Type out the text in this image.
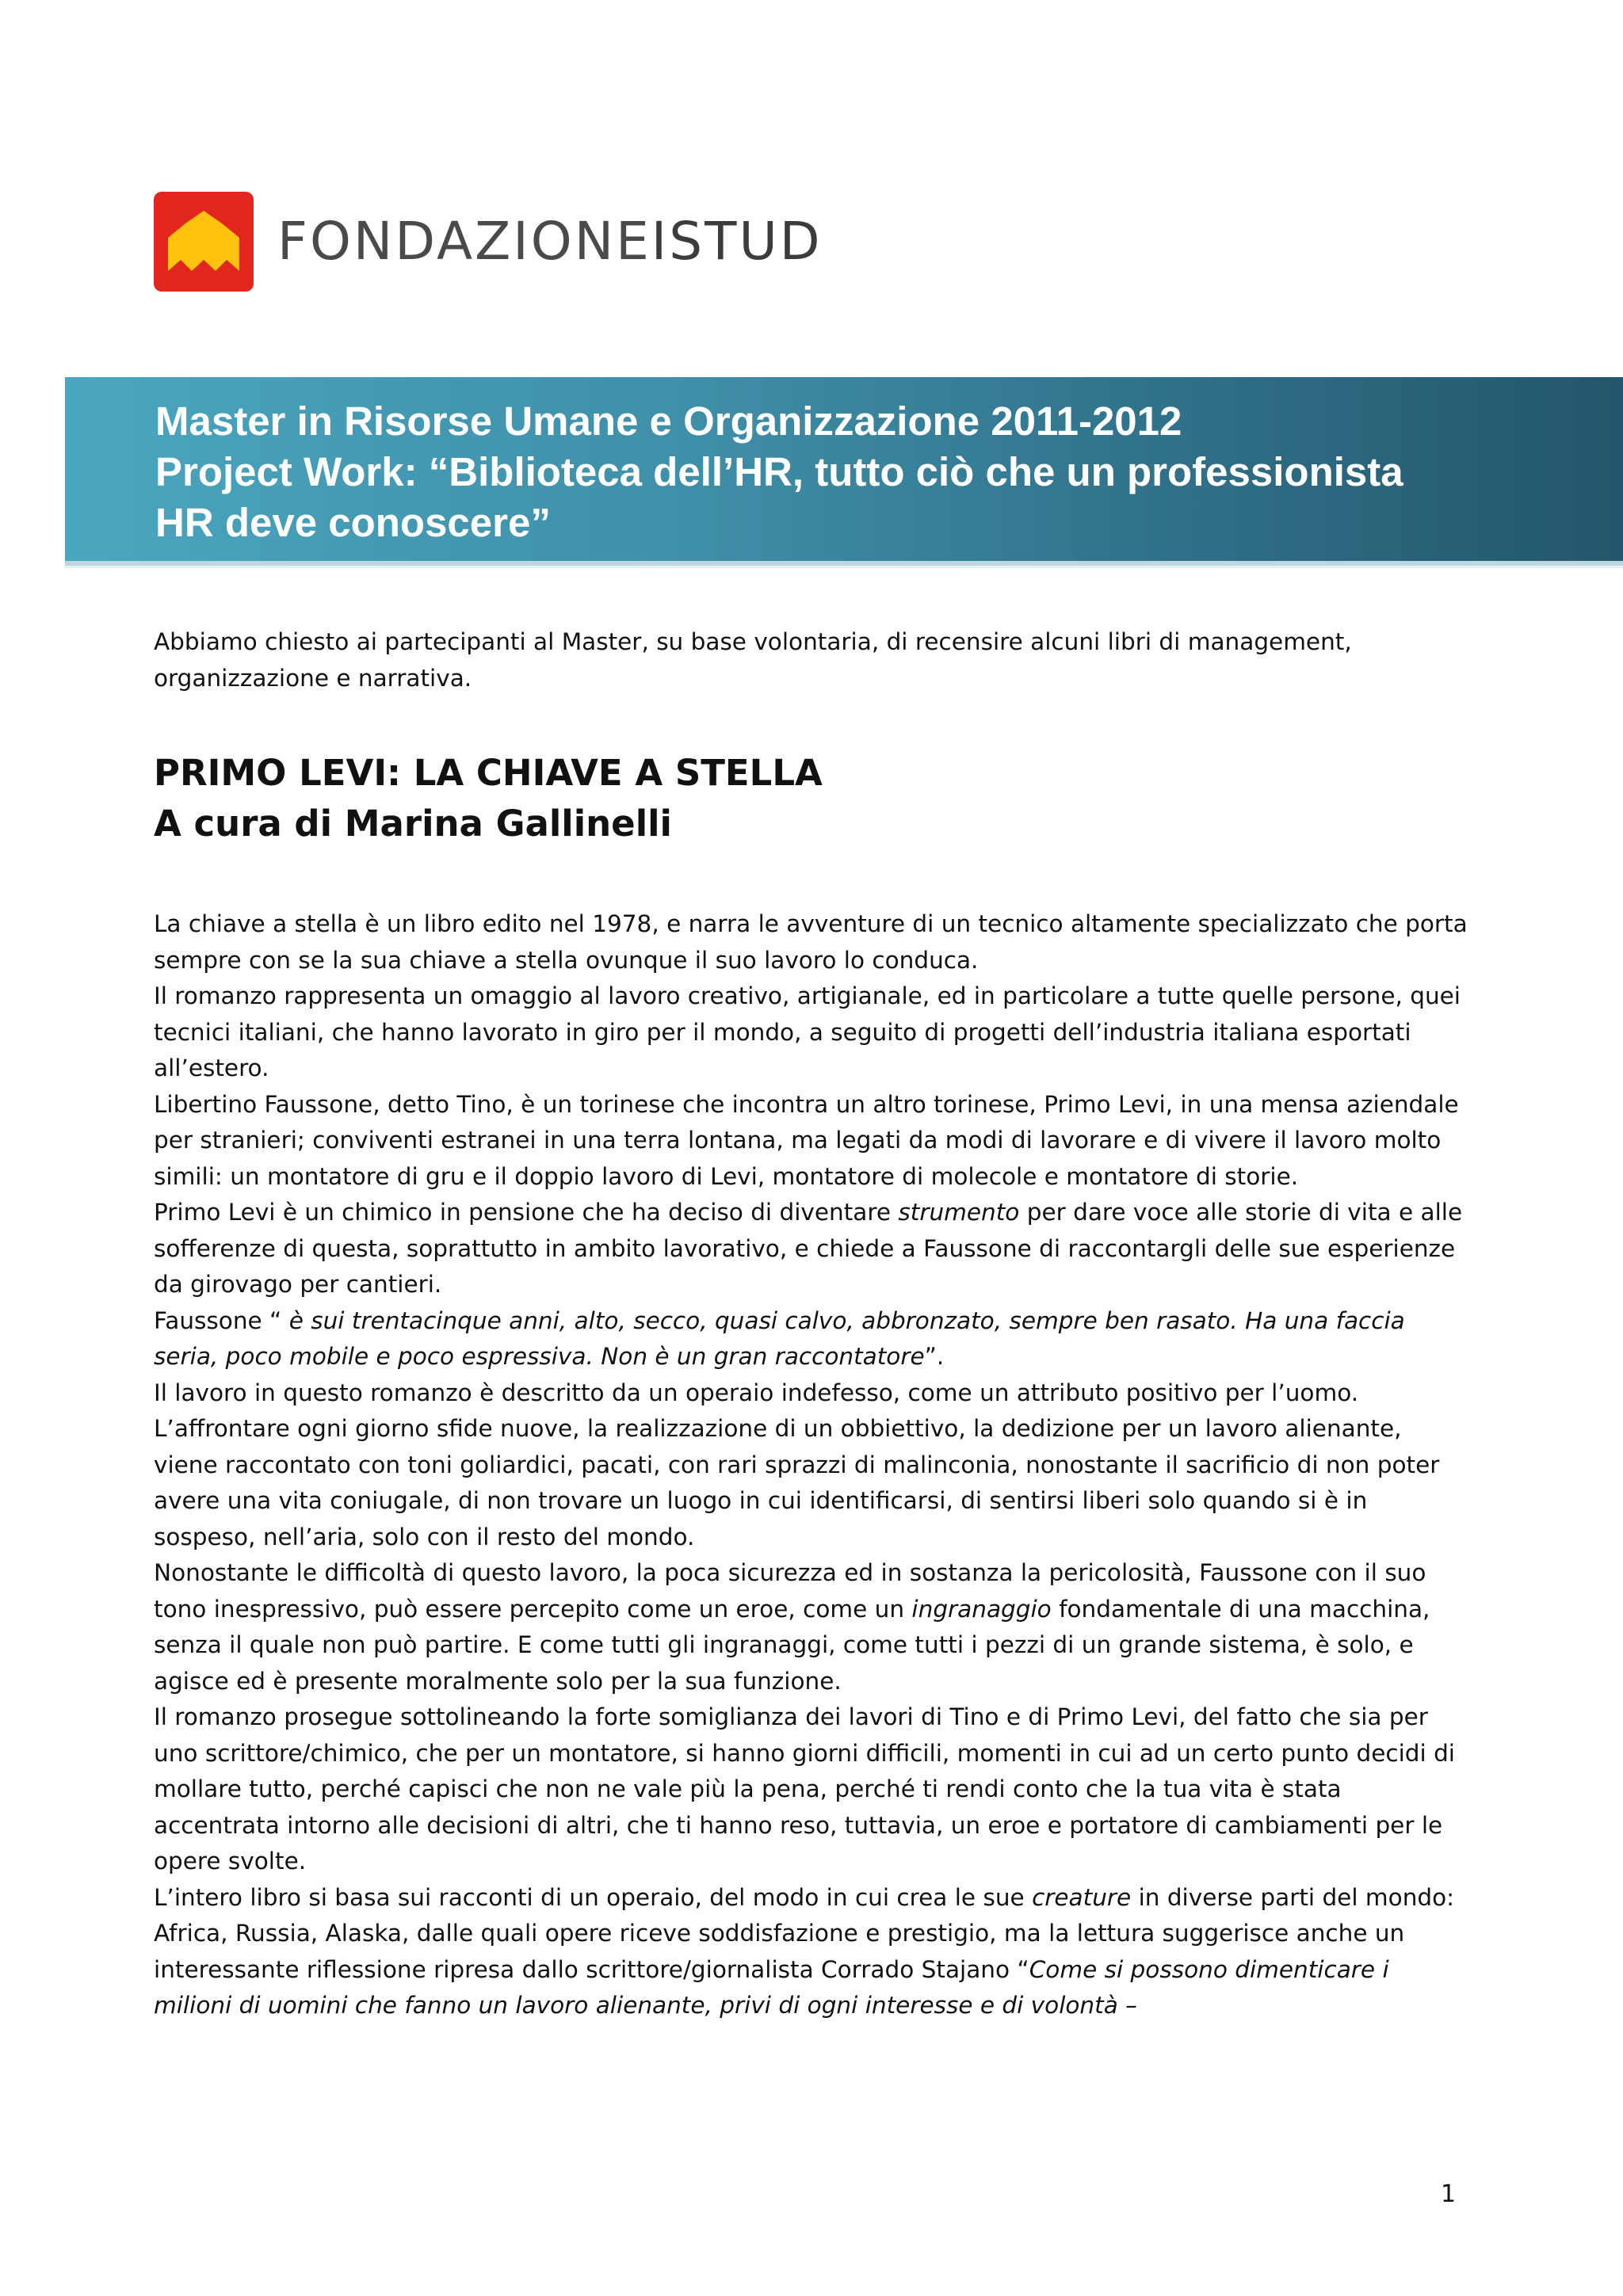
FONDAZIONEISTUD
Master in Risorse Umane e Organizzazione 2011-2012
Project Work: “Biblioteca dell’HR, tutto ciò che un professionista
HR deve conoscere”

Abbiamo chiesto ai partecipanti al Master, su base volontaria, di recensire alcuni libri di management, organizzazione e narrativa.

PRIMO LEVI: LA CHIAVE A STELLA
A cura di Marina Gallinelli

La chiave a stella è un libro edito nel 1978, e narra le avventure di un tecnico altamente specializzato che porta sempre con se la sua chiave a stella ovunque il suo lavoro lo conduca.

Il romanzo rappresenta un omaggio al lavoro creativo, artigianale, ed in particolare a tutte quelle persone, quei tecnici italiani, che hanno lavorato in giro per il mondo, a seguito di progetti dell’industria italiana esportati all’estero.

Libertino Faussone, detto Tino, è un torinese che incontra un altro torinese, Primo Levi, in una mensa aziendale per stranieri; conviventi estranei in una terra lontana, ma legati da modi di lavorare e di vivere il lavoro molto simili: un montatore di gru e il doppio lavoro di Levi, montatore di molecole e montatore di storie.

Primo Levi è un chimico in pensione che ha deciso di diventare strumento per dare voce alle storie di vita e alle sofferenze di questa, soprattutto in ambito lavorativo, e chiede a Faussone di raccontargli delle sue esperienze da girovago per cantieri.

Faussone “ è sui trentacinque anni, alto, secco, quasi calvo, abbronzato, sempre ben rasato. Ha una faccia seria, poco mobile e poco espressiva. Non è un gran raccontatore”.

Il lavoro in questo romanzo è descritto da un operaio indefesso, come un attributo positivo per l’uomo.

L’affrontare ogni giorno sfide nuove, la realizzazione di un obbiettivo, la dedizione per un lavoro alienante, viene raccontato con toni goliardici, pacati, con rari sprazzi di malinconia, nonostante il sacrificio di non poter avere una vita coniugale, di non trovare un luogo in cui identificarsi, di sentirsi liberi solo quando si è in sospeso, nell’aria, solo con il resto del mondo.

Nonostante le difficoltà di questo lavoro, la poca sicurezza ed in sostanza la pericolosità, Faussone con il suo tono inespressivo, può essere percepito come un eroe, come un ingranaggio fondamentale di una macchina, senza il quale non può partire. E come tutti gli ingranaggi, come tutti i pezzi di un grande sistema, è solo, e agisce ed è presente moralmente solo per la sua funzione.

Il romanzo prosegue sottolineando la forte somiglianza dei lavori di Tino e di Primo Levi, del fatto che sia per uno scrittore/chimico, che per un montatore, si hanno giorni difficili, momenti in cui ad un certo punto decidi di mollare tutto, perché capisci che non ne vale più la pena, perché ti rendi conto che la tua vita è stata accentrata intorno alle decisioni di altri, che ti hanno reso, tuttavia, un eroe e portatore di cambiamenti per le opere svolte.

L’intero libro si basa sui racconti di un operaio, del modo in cui crea le sue creature in diverse parti del mondo: Africa, Russia, Alaska, dalle quali opere riceve soddisfazione e prestigio, ma la lettura suggerisce anche un interessante riflessione ripresa dallo scrittore/giornalista Corrado Stajano “Come si possono dimenticare i milioni di uomini che fanno un lavoro alienante, privi di ogni interesse e di volontà –

1
